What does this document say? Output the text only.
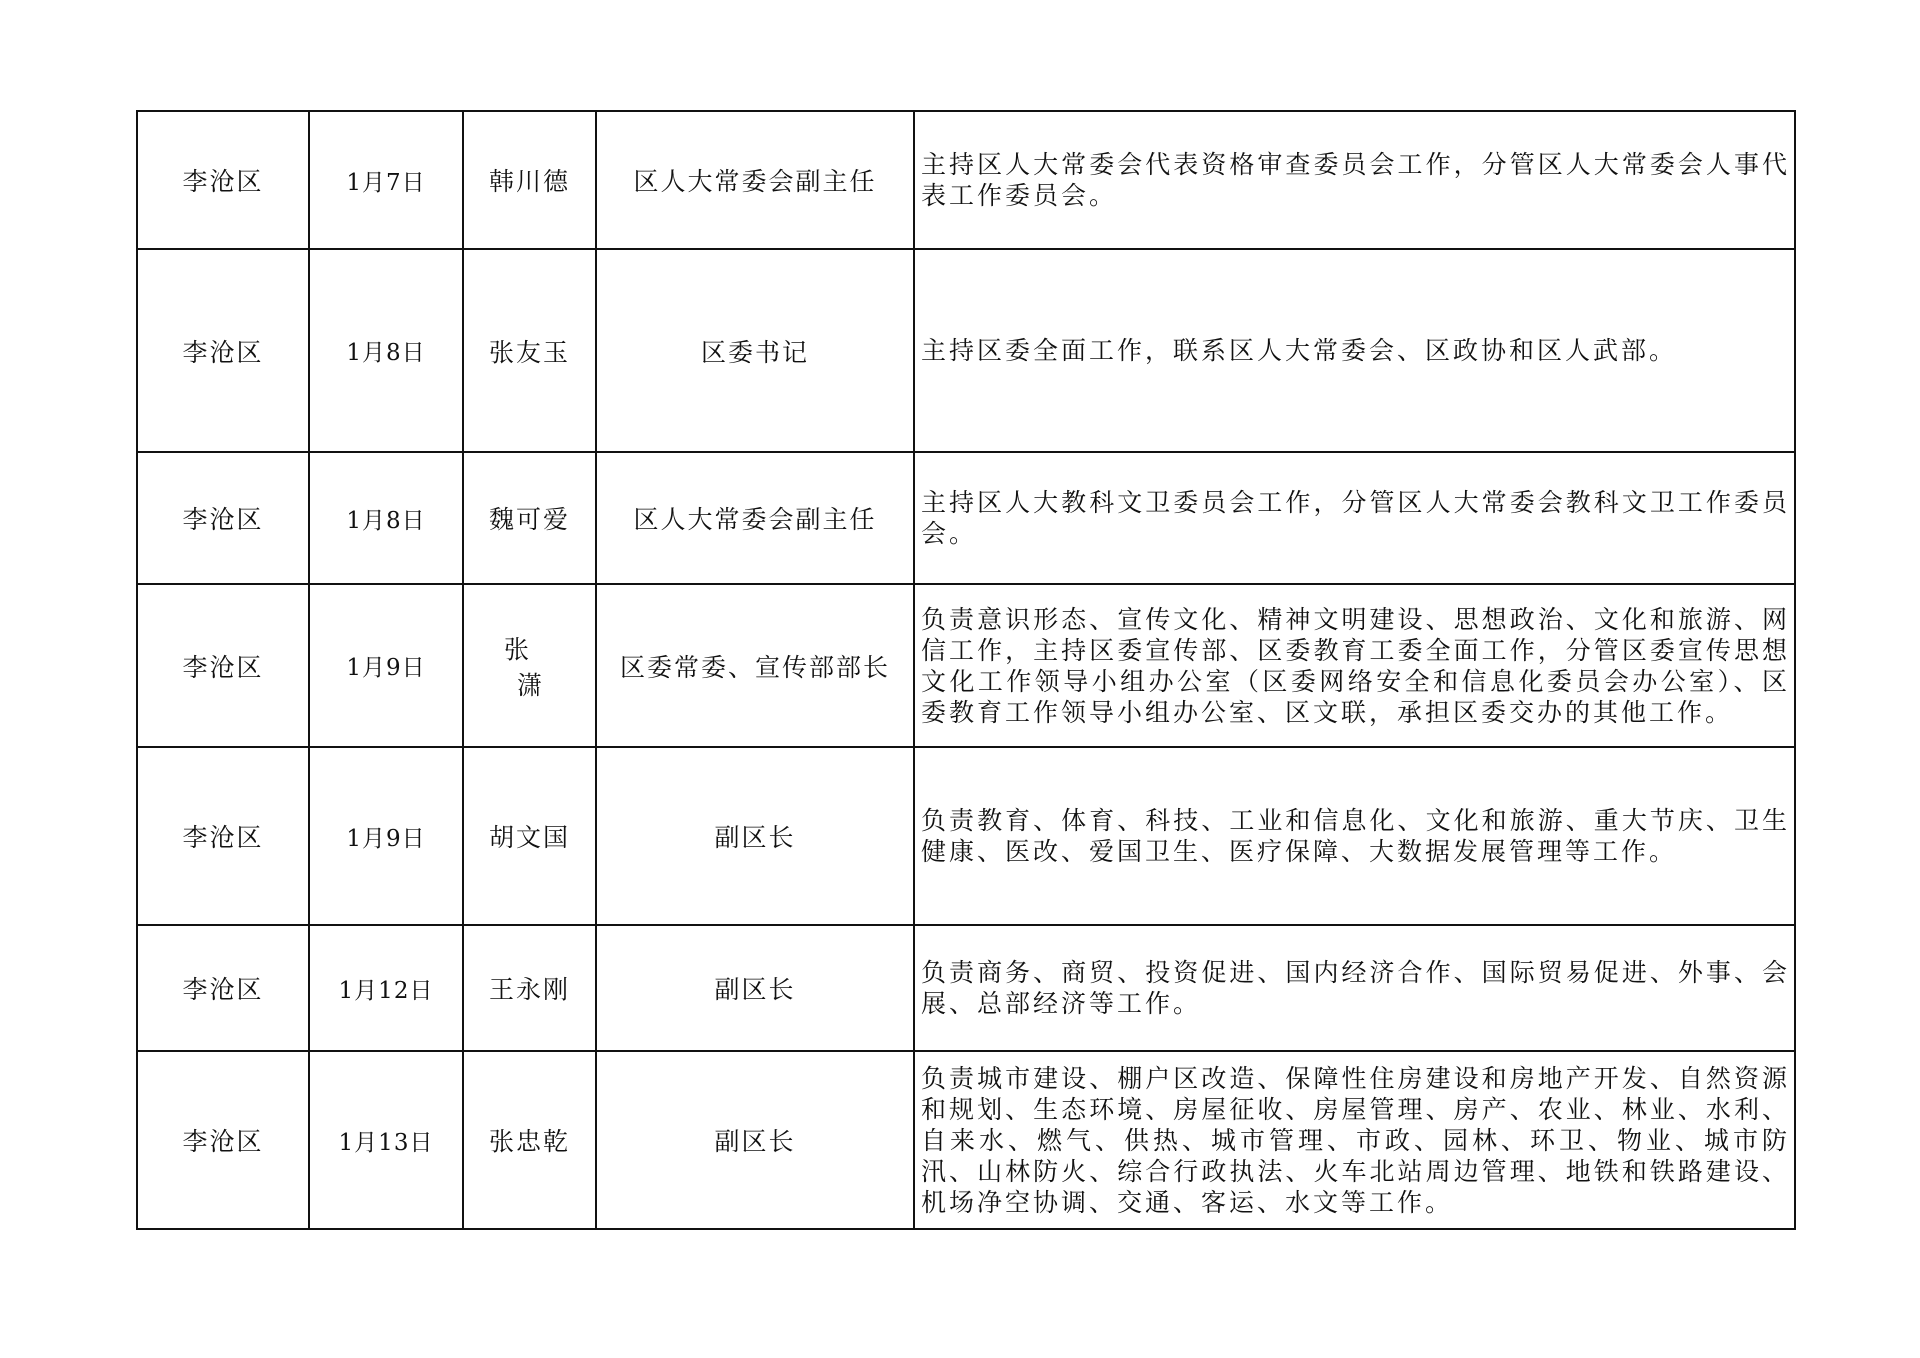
李沧区	1月7日	韩川德	区人大常委会副主任	主持区人大常委会代表资格审查委员会工作，分管区人大常委会人事代表工作委员会。
李沧区	1月8日	张友玉	区委书记	主持区委全面工作，联系区人大常委会、区政协和区人武部。
李沧区	1月8日	魏可爱	区人大常委会副主任	主持区人大教科文卫委员会工作，分管区人大常委会教科文卫工作委员会。
李沧区	1月9日	张 潇	区委常委、宣传部部长	负责意识形态、宣传文化、精神文明建设、思想政治、文化和旅游、网信工作，主持区委宣传部、区委教育工委全面工作，分管区委宣传思想文化工作领导小组办公室（区委网络安全和信息化委员会办公室）、区委教育工作领导小组办公室、区文联，承担区委交办的其他工作。
李沧区	1月9日	胡文国	副区长	负责教育、体育、科技、工业和信息化、文化和旅游、重大节庆、卫生健康、医改、爱国卫生、医疗保障、大数据发展管理等工作。
李沧区	1月12日	王永刚	副区长	负责商务、商贸、投资促进、国内经济合作、国际贸易促进、外事、会展、总部经济等工作。
李沧区	1月13日	张忠乾	副区长	负责城市建设、棚户区改造、保障性住房建设和房地产开发、自然资源和规划、生态环境、房屋征收、房屋管理、房产、农业、林业、水利、自来水、燃气、供热、城市管理、市政、园林、环卫、物业、城市防汛、山林防火、综合行政执法、火车北站周边管理、地铁和铁路建设、机场净空协调、交通、客运、水文等工作。
